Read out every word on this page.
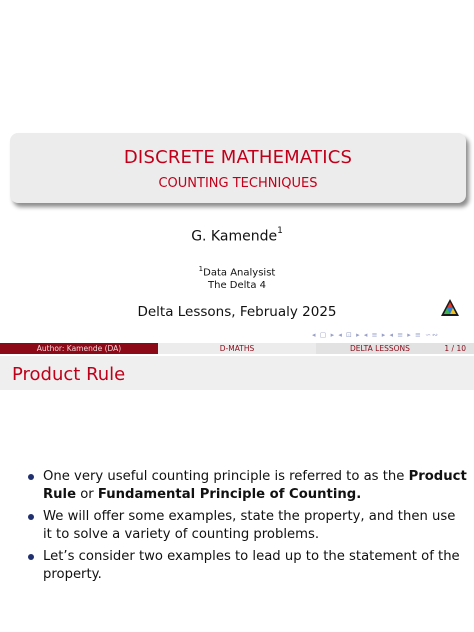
DISCRETE MATHEMATICS
COUNTING TECHNIQUES
G. Kamende$^1$
$^1$Data Analysist
The Delta 4
Delta Lessons, Februaly 2025
◂ ▢ ▸ ◂ ⊡ ▸ ◂ ≡ ▸ ◂ ≡ ▸ ≡ ∽∾
Author: Kamende (DA)	D-MATHS	DELTA LESSONS	1 / 10
Product Rule
One very useful counting principle is referred to as the Product Rule or Fundamental Principle of Counting.
We will offer some examples, state the property, and then use it to solve a variety of counting problems.
Let’s consider two examples to lead up to the statement of the property.
